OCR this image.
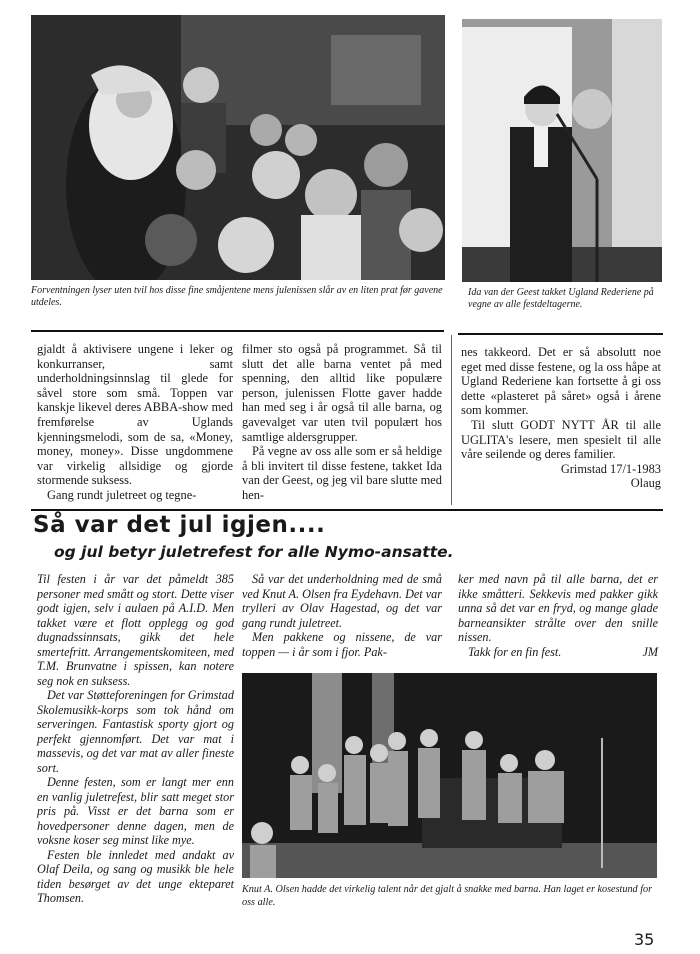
Forventningen lyser uten tvil hos disse fine småjentene mens julenissen slår av en liten prat før gavene utdeles.
Ida van der Geest takket Ugland Rederiene på vegne av alle festdeltagerne.

gjaldt å aktivisere ungene i leker og konkurranser, samt underholdningsinnslag til glede for såvel store som små. Toppen var kanskje likevel deres ABBA-show med fremførelse av Uglands kjenningsmelodi, som de sa, «Money, money, money». Disse ungdommene var virkelig allsidige og gjorde stormende suksess.

Gang rundt juletreet og tegne-

filmer sto også på programmet. Så til slutt det alle barna ventet på med spenning, den alltid like populære person, julenissen Flotte gaver hadde han med seg i år også til alle barna, og gavevalget var uten tvil populært hos samtlige aldersgrupper.

På vegne av oss alle som er så heldige å bli invitert til disse festene, takket Ida van der Geest, og jeg vil bare slutte med hen-

nes takkeord. Det er så absolutt noe eget med disse festene, og la oss håpe at Ugland Rederiene kan fortsette å gi oss dette «plasteret på såret» også i årene som kommer.

Til slutt GODT NYTT ÅR til alle UGLITA's lesere, men spesielt til alle våre seilende og deres familier.

Grimstad 17/1-1983

Olaug

Så var det jul igjen....
og jul betyr juletrefest for alle Nymo-ansatte.

Til festen i år var det påmeldt 385 personer med smått og stort. Dette viser godt igjen, selv i aulaen på A.I.D. Men takket være et flott opplegg og god dugnadssinnsats, gikk det hele smertefritt. Arrangementskomiteen, med T.M. Brunvatne i spissen, kan notere seg nok en suksess.

Det var Støtteforeningen for Grimstad Skolemusikk-korps som tok hånd om serveringen. Fantastisk sporty gjort og perfekt gjennomført. Det var mat i massevis, og det var mat av aller fineste sort.

Denne festen, som er langt mer enn en vanlig juletrefest, blir satt meget stor pris på. Visst er det barna som er hovedpersoner denne dagen, men de voksne koser seg minst like mye.

Festen ble innledet med andakt av Olaf Deila, og sang og musikk ble hele tiden besørget av det unge ekteparet Thomsen.

Så var det underholdning med de små ved Knut A. Olsen fra Eydehavn. Det var trylleri av Olav Hagestad, og det var gang rundt juletreet.

Men pakkene og nissene, de var toppen — i år som i fjor. Pak-

ker med navn på til alle barna, det er ikke småtteri. Sekkevis med pakker gikk unna så det var en fryd, og mange glade barneansikter strålte over den snille nissen.

Takk for en fin fest.	JM

Knut A. Olsen hadde det virkelig talent når det gjalt å snakke med barna. Han laget er kosestund for oss alle.
35
